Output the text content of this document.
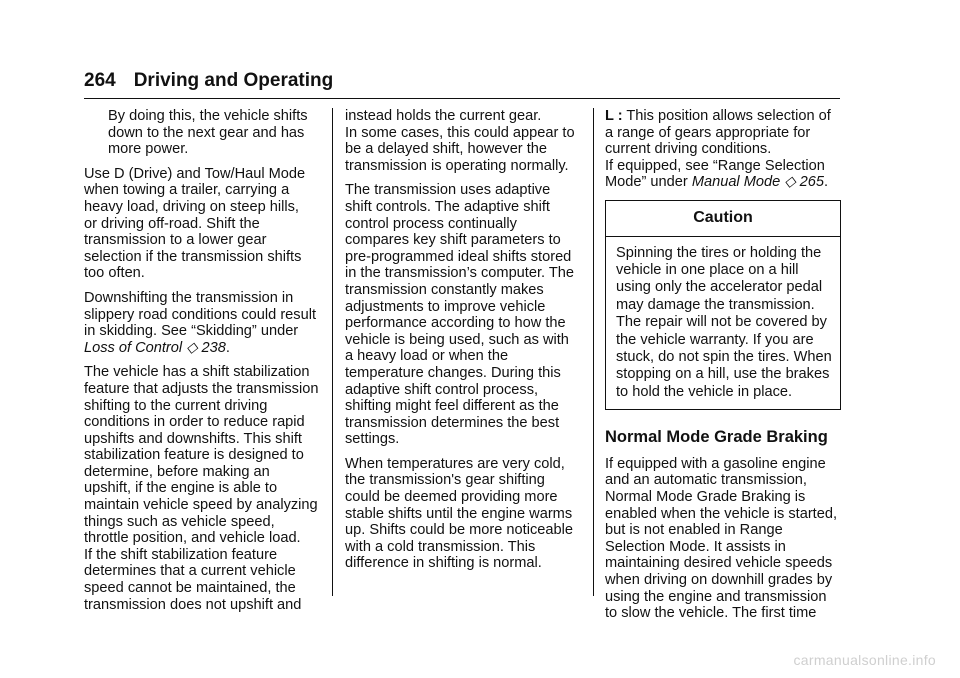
264 Driving and Operating

By doing this, the vehicle shifts
down to the next gear and has
more power.

Use D (Drive) and Tow/Haul Mode
when towing a trailer, carrying a
heavy load, driving on steep hills,
or driving off-road. Shift the
transmission to a lower gear
selection if the transmission shifts
too often.

Downshifting the transmission in
slippery road conditions could result
in skidding. See “Skidding” under
Loss of Control ◇ 238.

The vehicle has a shift stabilization
feature that adjusts the transmission
shifting to the current driving
conditions in order to reduce rapid
upshifts and downshifts. This shift
stabilization feature is designed to
determine, before making an
upshift, if the engine is able to
maintain vehicle speed by analyzing
things such as vehicle speed,
throttle position, and vehicle load.
If the shift stabilization feature
determines that a current vehicle
speed cannot be maintained, the
transmission does not upshift and

instead holds the current gear.
In some cases, this could appear to
be a delayed shift, however the
transmission is operating normally.

The transmission uses adaptive
shift controls. The adaptive shift
control process continually
compares key shift parameters to
pre-programmed ideal shifts stored
in the transmission’s computer. The
transmission constantly makes
adjustments to improve vehicle
performance according to how the
vehicle is being used, such as with
a heavy load or when the
temperature changes. During this
adaptive shift control process,
shifting might feel different as the
transmission determines the best
settings.

When temperatures are very cold,
the transmission's gear shifting
could be deemed providing more
stable shifts until the engine warms
up. Shifts could be more noticeable
with a cold transmission. This
difference in shifting is normal.

L : This position allows selection of
a range of gears appropriate for
current driving conditions.
If equipped, see “Range Selection
Mode” under Manual Mode ◇ 265.

Caution
Spinning the tires or holding the
vehicle in one place on a hill
using only the accelerator pedal
may damage the transmission.
The repair will not be covered by
the vehicle warranty. If you are
stuck, do not spin the tires. When
stopping on a hill, use the brakes
to hold the vehicle in place.
Normal Mode Grade Braking

If equipped with a gasoline engine
and an automatic transmission,
Normal Mode Grade Braking is
enabled when the vehicle is started,
but is not enabled in Range
Selection Mode. It assists in
maintaining desired vehicle speeds
when driving on downhill grades by
using the engine and transmission
to slow the vehicle. The first time

carmanualsonline.info
